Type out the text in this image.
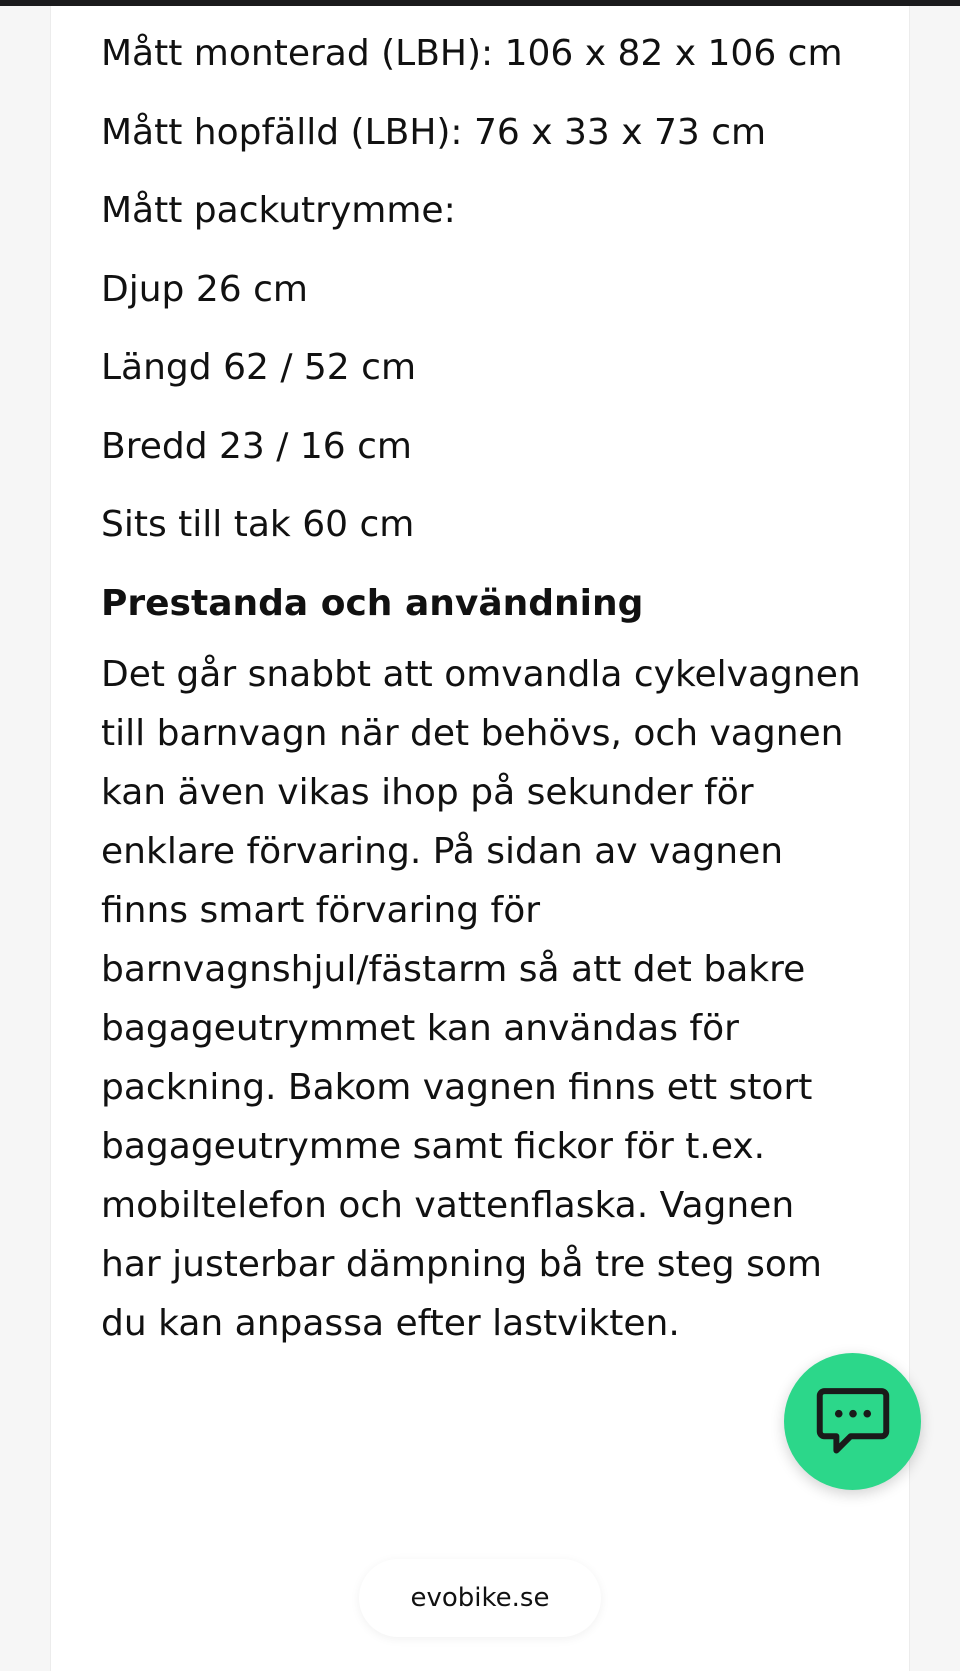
Mått monterad (LBH): 106 x 82 x 106 cm

Mått hopfälld (LBH): 76 x 33 x 73 cm

Mått packutrymme:

Djup 26 cm

Längd 62 / 52 cm

Bredd 23 / 16 cm

Sits till tak 60 cm

Prestanda och användning

Det går snabbt att omvandla cykelvagnen till barnvagn när det behövs, och vagnen kan även vikas ihop på sekunder för enklare förvaring. På sidan av vagnen finns smart förvaring för barnvagnshjul/fästarm så att det bakre bagageutrymmet kan användas för packning. Bakom vagnen finns ett stort bagageutrymme samt fickor för t.ex. mobiltelefon och vattenflaska. Vagnen har justerbar dämpning bå tre steg som du kan anpassa efter lastvikten.

evobike.se
